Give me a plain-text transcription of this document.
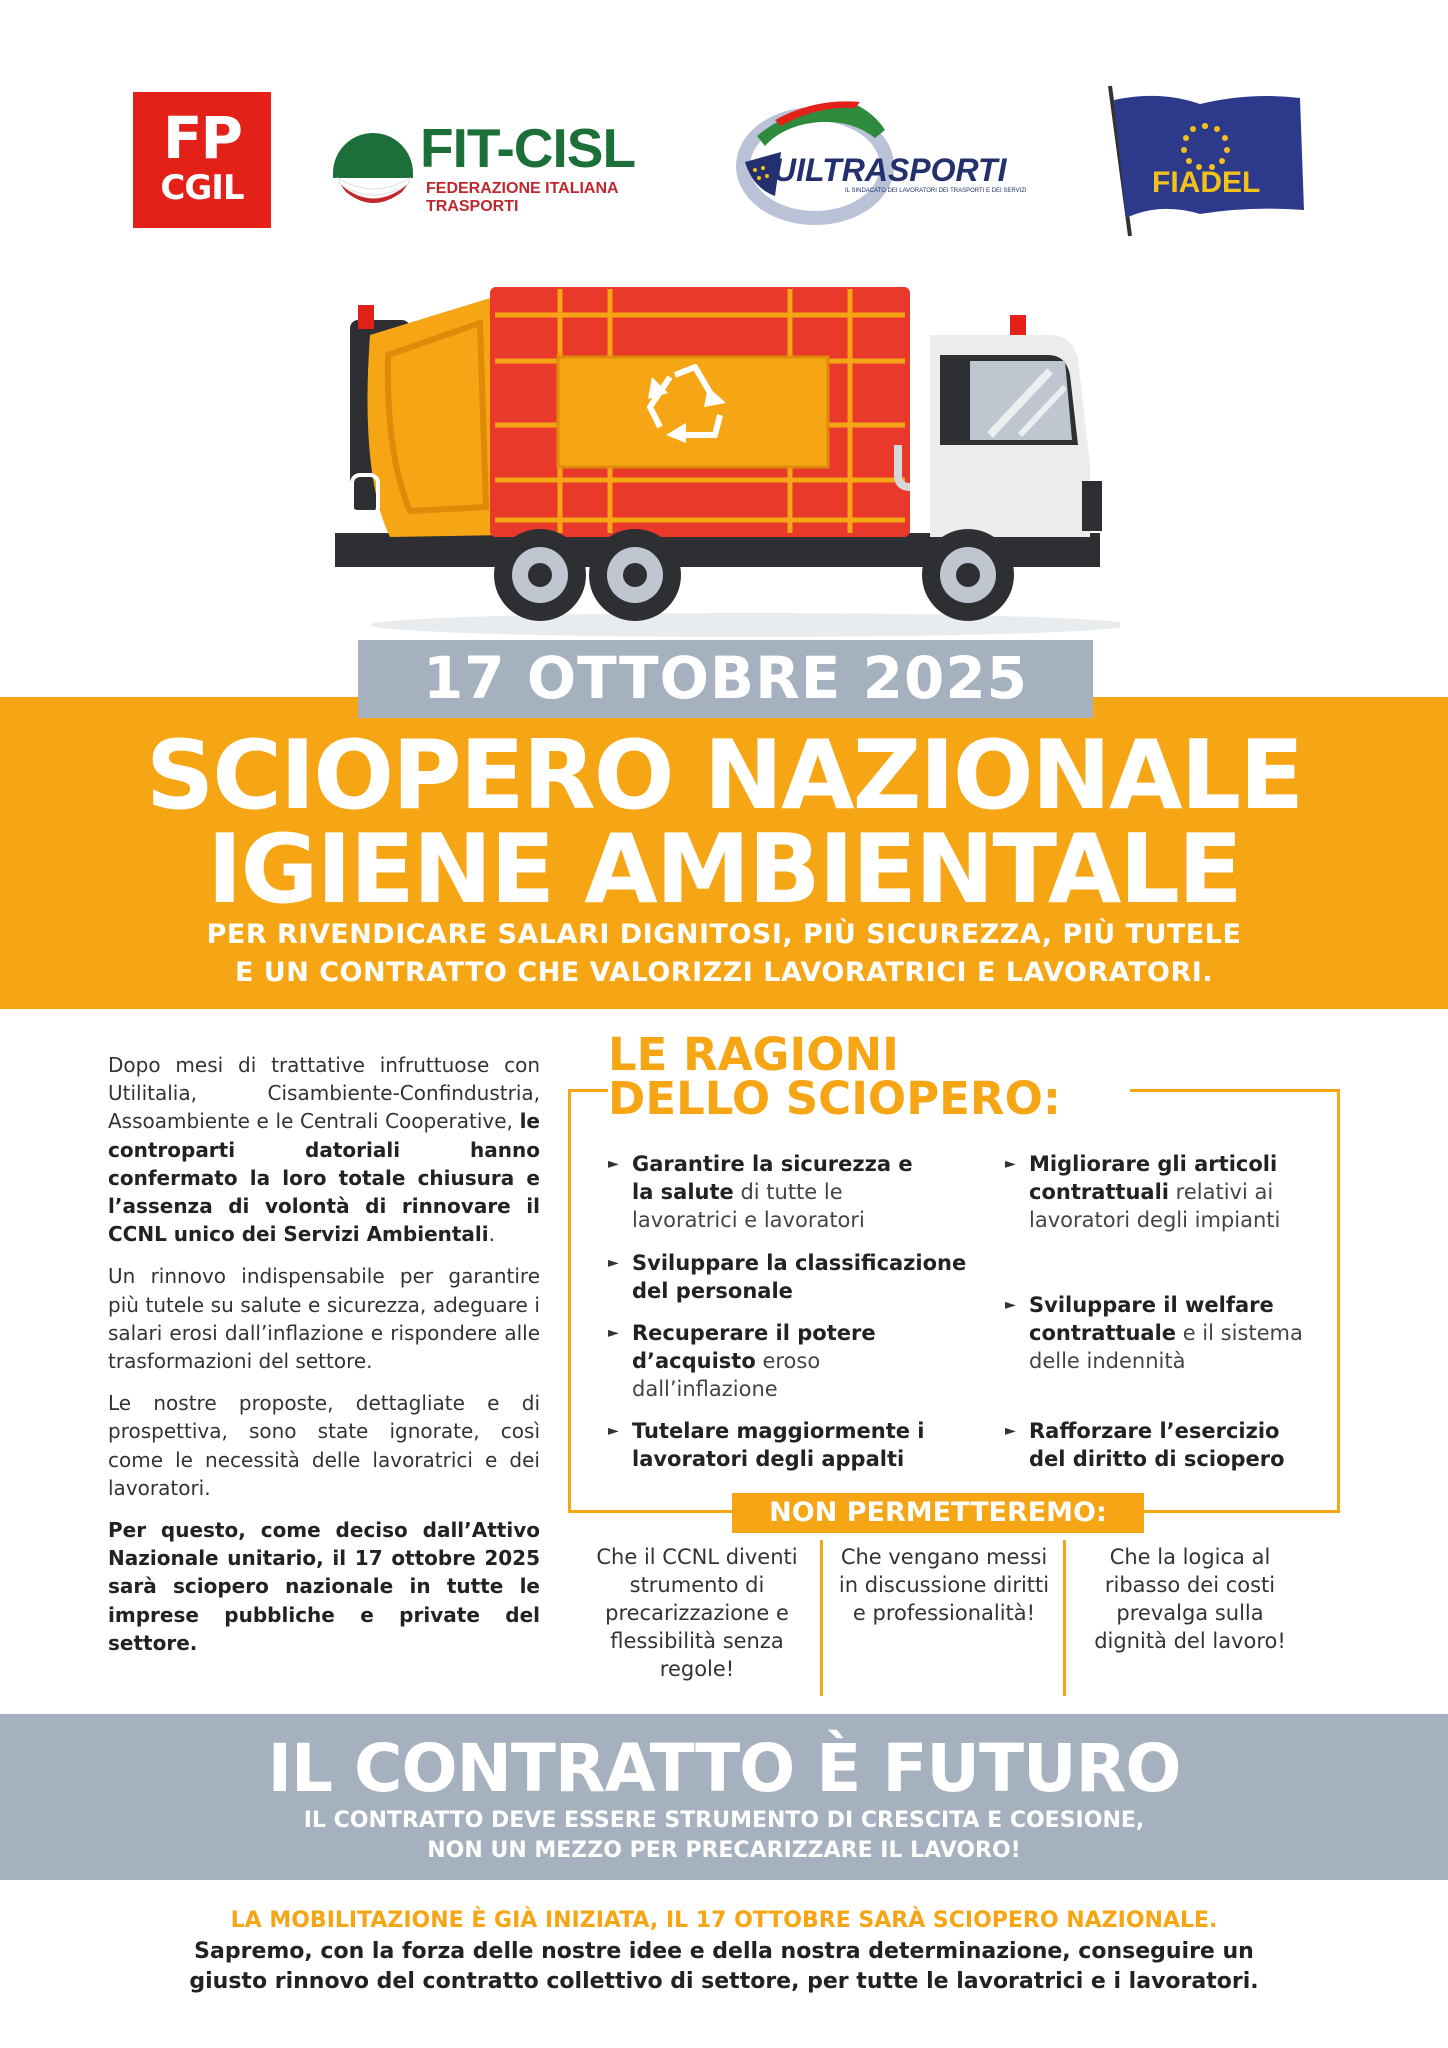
FP
CGIL
FIT-CISL
FEDERAZIONE ITALIANA TRASPORTI
UILTRASPORTI
IL SINDACATO DEI LAVORATORI DEI TRASPORTI E DEI SERVIZI	FIADEL
17 OTTOBRE 2025
SCIOPERO NAZIONALE
IGIENE AMBIENTALE
PER RIVENDICARE SALARI DIGNITOSI, PIÙ SICUREZZA, PIÙ TUTELE
E UN CONTRATTO CHE VALORIZZI LAVORATRICI E LAVORATORI.

Dopo mesi di trattative infruttuose con Utilitalia, Cisambiente-Confindustria, Assoambiente e le Centrali Cooperative, le controparti datoriali hanno confermato la loro totale chiusura e l’assenza di volontà di rinnovare il CCNL unico dei Servizi Ambientali.

Un rinnovo indispensabile per garantire più tutele su salute e sicurezza, adeguare i salari erosi dall’inflazione e rispondere alle trasformazioni del settore.

Le nostre proposte, dettagliate e di prospettiva, sono state ignorate, così come le necessità delle lavoratrici e dei lavoratori.

Per questo, come deciso dall’Attivo Nazionale unitario, il 17 ottobre 2025 sarà sciopero nazionale in tutte le imprese pubbliche e private del settore.

LE RAGIONI
DELLO SCIOPERO:
► Garantire la sicurezza e la salute di tutte le lavoratrici e lavoratori
► Sviluppare la classificazione del personale
► Recuperare il potere d’acquisto eroso dall’inflazione
► Tutelare maggiormente i lavoratori degli appalti
► Migliorare gli articoli contrattuali relativi ai lavoratori degli impianti
► Sviluppare il welfare contrattuale e il sistema delle indennità
► Rafforzare l’esercizio del diritto di sciopero
NON PERMETTEREMO:
Che il CCNL diventi strumento di precarizzazione e flessibilità senza regole!
Che vengano messi in discussione diritti e professionalità!
Che la logica al ribasso dei costi prevalga sulla dignità del lavoro!
IL CONTRATTO È FUTURO
IL CONTRATTO DEVE ESSERE STRUMENTO DI CRESCITA E COESIONE,
NON UN MEZZO PER PRECARIZZARE IL LAVORO!
LA MOBILITAZIONE È GIÀ INIZIATA, IL 17 OTTOBRE SARÀ SCIOPERO NAZIONALE.
Sapremo, con la forza delle nostre idee e della nostra determinazione, conseguire un
giusto rinnovo del contratto collettivo di settore, per tutte le lavoratrici e i lavoratori.
